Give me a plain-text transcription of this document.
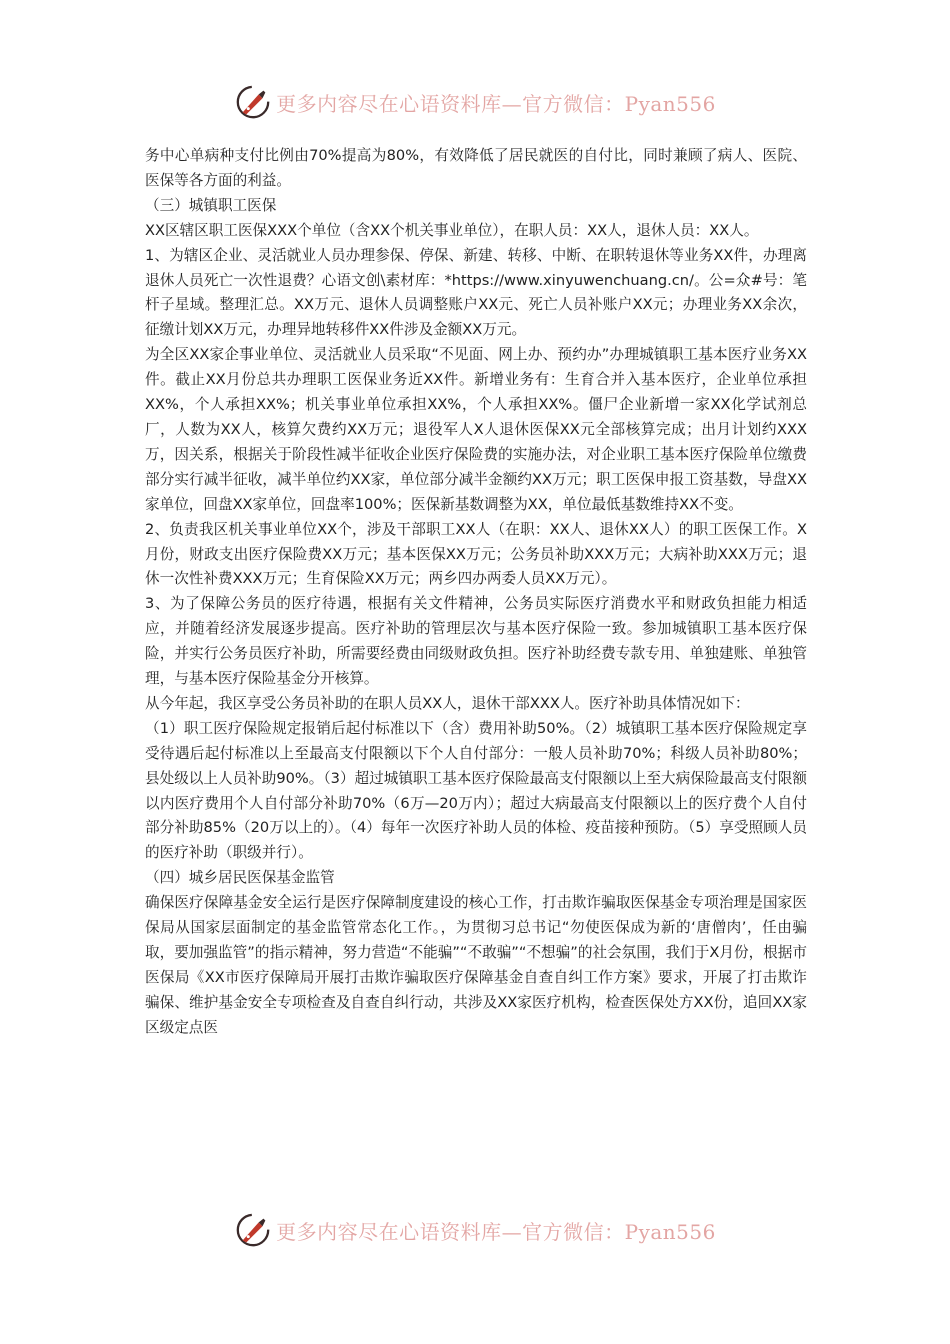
更多内容尽在心语资料库—官方微信：Pyan556

务中心单病种支付比例由70%提高为80%，有效降低了居民就医的自付比，同时兼顾了病人、医院、医保等各方面的利益。

（三）城镇职工医保

XX区辖区职工医保XXX个单位（含XX个机关事业单位），在职人员：XX人，退休人员：XX人。

1、为辖区企业、灵活就业人员办理参保、停保、新建、转移、中断、在职转退休等业务XX件，办理离退休人员死亡一次性退费？心语文创\素材库：*https://www.xinyuwenchuang.cn/。公=众#号：笔杆子星域。整理汇总。XX万元、退休人员调整账户XX元、死亡人员补账户XX元；办理业务XX余次，征缴计划XX万元，办理异地转移件XX件涉及金额XX万元。

为全区XX家企事业单位、灵活就业人员采取“不见面、网上办、预约办”办理城镇职工基本医疗业务XX件。截止XX月份总共办理职工医保业务近XX件。新增业务有：生育合并入基本医疗，企业单位承担XX%，个人承担XX%；机关事业单位承担XX%，个人承担XX%。僵尸企业新增一家XX化学试剂总厂，人数为XX人，核算欠费约XX万元；退役军人X人退休医保XX元全部核算完成；出月计划约XXX万，因关系，根据关于阶段性减半征收企业医疗保险费的实施办法，对企业职工基本医疗保险单位缴费部分实行减半征收，减半单位约XX家，单位部分减半金额约XX万元；职工医保申报工资基数，导盘XX家单位，回盘XX家单位，回盘率100%；医保新基数调整为XX，单位最低基数维持XX不变。

2、负责我区机关事业单位XX个，涉及干部职工XX人（在职：XX人、退休XX人）的职工医保工作。X月份，财政支出医疗保险费XX万元；基本医保XX万元；公务员补助XXX万元；大病补助XXX万元；退休一次性补费XXX万元；生育保险XX万元；两乡四办两委人员XX万元）。

3、为了保障公务员的医疗待遇，根据有关文件精神，公务员实际医疗消费水平和财政负担能力相适应，并随着经济发展逐步提高。医疗补助的管理层次与基本医疗保险一致。参加城镇职工基本医疗保险，并实行公务员医疗补助，所需要经费由同级财政负担。医疗补助经费专款专用、单独建账、单独管理，与基本医疗保险基金分开核算。

从今年起，我区享受公务员补助的在职人员XX人，退休干部XXX人。医疗补助具体情况如下：

（1）职工医疗保险规定报销后起付标准以下（含）费用补助50%。（2）城镇职工基本医疗保险规定享受待遇后起付标准以上至最高支付限额以下个人自付部分：一般人员补助70%；科级人员补助80%；县处级以上人员补助90%。（3）超过城镇职工基本医疗保险最高支付限额以上至大病保险最高支付限额以内医疗费用个人自付部分补助70%（6万—20万内）；超过大病最高支付限额以上的医疗费个人自付部分补助85%（20万以上的）。（4）每年一次医疗补助人员的体检、疫苗接种预防。（5）享受照顾人员的医疗补助（职级并行）。

（四）城乡居民医保基金监管

确保医疗保障基金安全运行是医疗保障制度建设的核心工作，打击欺诈骗取医保基金专项治理是国家医保局从国家层面制定的基金监管常态化工作。，为贯彻习总书记“勿使医保成为新的‘唐僧肉’，任由骗取，要加强监管”的指示精神，努力营造“不能骗”“不敢骗”“不想骗”的社会氛围，我们于X月份，根据市医保局《XX市医疗保障局开展打击欺诈骗取医疗保障基金自查自纠工作方案》要求，开展了打击欺诈骗保、维护基金安全专项检查及自查自纠行动，共涉及XX家医疗机构，检查医保处方XX份，追回XX家区级定点医

更多内容尽在心语资料库—官方微信：Pyan556
